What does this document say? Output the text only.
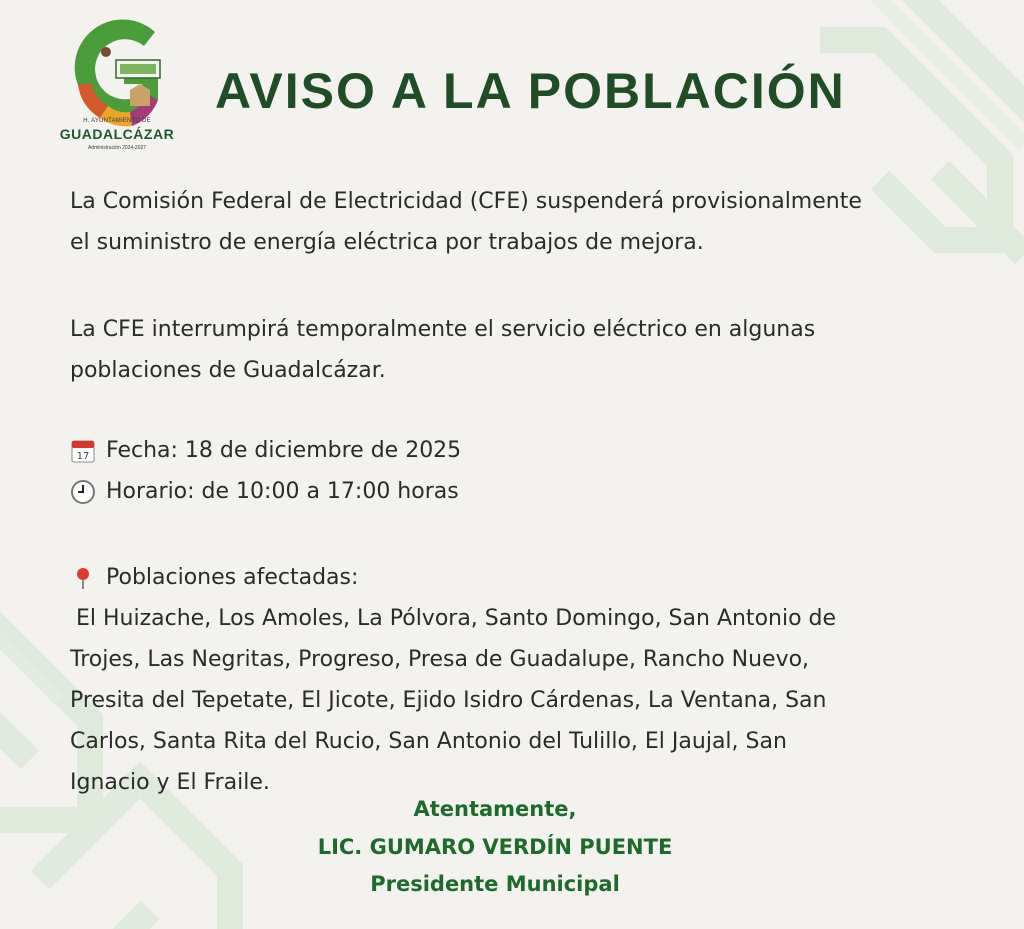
H. AYUNTAMIENTO DE
GUADALCÁZAR
Administración 2024-2027
AVISO A LA POBLACIÓN
La Comisión Federal de Electricidad (CFE) suspenderá provisionalmente
el suministro de energía eléctrica por trabajos de mejora.
La CFE interrumpirá temporalmente el servicio eléctrico en algunas
poblaciones de Guadalcázar.
17 Fecha: 18 de diciembre de 2025
Horario: de 10:00 a 17:00 horas
Poblaciones afectadas:
El Huizache, Los Amoles, La Pólvora, Santo Domingo, San Antonio de
Trojes, Las Negritas, Progreso, Presa de Guadalupe, Rancho Nuevo,
Presita del Tepetate, El Jicote, Ejido Isidro Cárdenas, La Ventana, San
Carlos, Santa Rita del Rucio, San Antonio del Tulillo, El Jaujal, San
Ignacio y El Fraile.
Atentamente,
LIC. GUMARO VERDÍN PUENTE
Presidente Municipal
